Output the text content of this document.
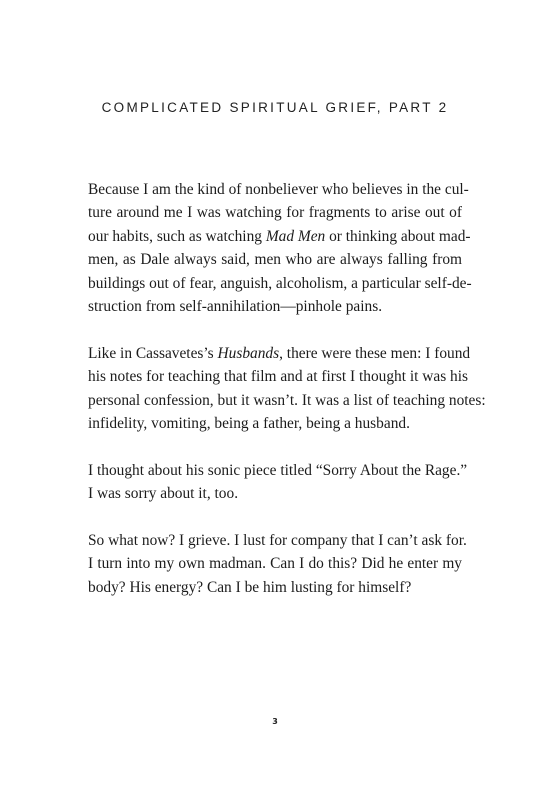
COMPLICATED SPIRITUAL GRIEF, PART 2

Because I am the kind of nonbeliever who believes in the cul-
ture around me I was watching for fragments to arise out of
our habits, such as watching Mad Men or thinking about mad-
men, as Dale always said, men who are always falling from
buildings out of fear, anguish, alcoholism, a particular self-de-
struction from self-annihilation—pinhole pains.

Like in Cassavetes’s Husbands, there were these men: I found
his notes for teaching that film and at first I thought it was his
personal confession, but it wasn’t. It was a list of teaching notes:
infidelity, vomiting, being a father, being a husband.

I thought about his sonic piece titled “Sorry About the Rage.”
I was sorry about it, too.

So what now? I grieve. I lust for company that I can’t ask for.
I turn into my own madman. Can I do this? Did he enter my
body? His energy? Can I be him lusting for himself?

3
